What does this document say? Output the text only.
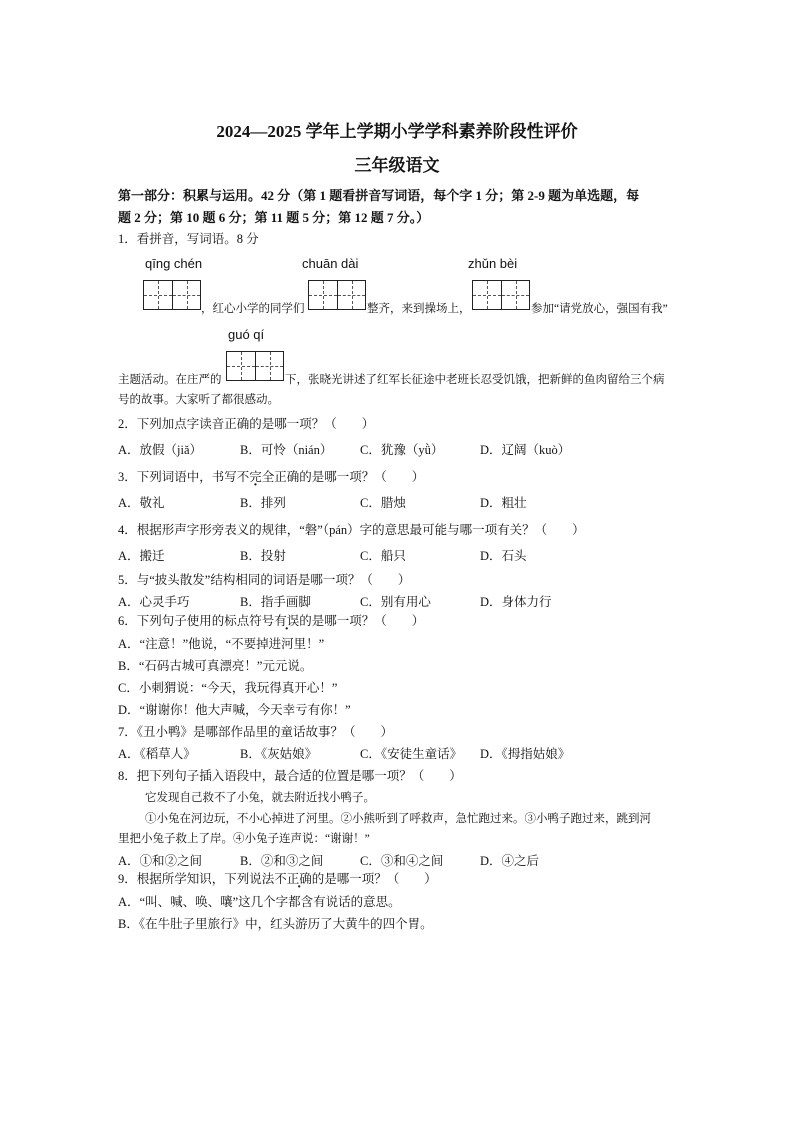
2024—2025 学年上学期小学学科素养阶段性评价
三年级语文
第一部分：积累与运用。42 分（第 1 题看拼音写词语，每个字 1 分；第 2-9 题为单选题，每
题 2 分；第 10 题 6 分；第 11 题 5 分；第 12 题 7 分。）
1．看拼音，写词语。8 分
qīng chén	chuān dài	zhǔn bèi
guó qí
，红心小学的同学们	整齐，来到操场上，	参加“请党放心，强国有我”
主题活动。在庄严的	下，张晓光讲述了红军长征途中老班长忍受饥饿，把新鲜的鱼肉留给三个病
号的故事。大家听了都很感动。
2．下列加点字读音正确的是哪一项？（　　）
A．放假（jiǎ）	B．可怜（nián） C．犹豫（yǜ）	D．辽阔（kuò）
3．下列词语中，书写不完全正确的是哪一项？（　　）
A．敬礼	B．排列	C．腊烛	D．粗壮
4．根据形声字形旁表义的规律，“磐”（pán）字的意思最可能与哪一项有关？（　　）
A．搬迁	B．投射	C．船只	D．石头
5．与“披头散发”结构相同的词语是哪一项？（　　）
A．心灵手巧	B．指手画脚	C．别有用心	D．身体力行
6．下列句子使用的标点符号有误的是哪一项？（　　）
A．“注意！”他说，“不要掉进河里！”
B．“石码古城可真漂亮！”元元说。
C．小刺猬说：“今天，我玩得真开心！”
D．“谢谢你！他大声喊，今天幸亏有你！”
7．《丑小鸭》是哪部作品里的童话故事？（　　）
A．《稻草人》	B．《灰姑娘》	C．《安徒生童话》 D．《拇指姑娘》
8．把下列句子插入语段中，最合适的位置是哪一项？（　　）
它发现自己救不了小兔，就去附近找小鸭子。
①小兔在河边玩，不小心掉进了河里。②小熊听到了呼救声，急忙跑过来。③小鸭子跑过来，跳到河
里把小兔子救上了岸。④小兔子连声说：“谢谢！”
A．①和②之间	B．②和③之间	C．③和④之间	D．④之后
9．根据所学知识，下列说法不正确的是哪一项？（　　）
A．“叫、喊、唤、嚷”这几个字都含有说话的意思。
B．《在牛肚子里旅行》中，红头游历了大黄牛的四个胃。
